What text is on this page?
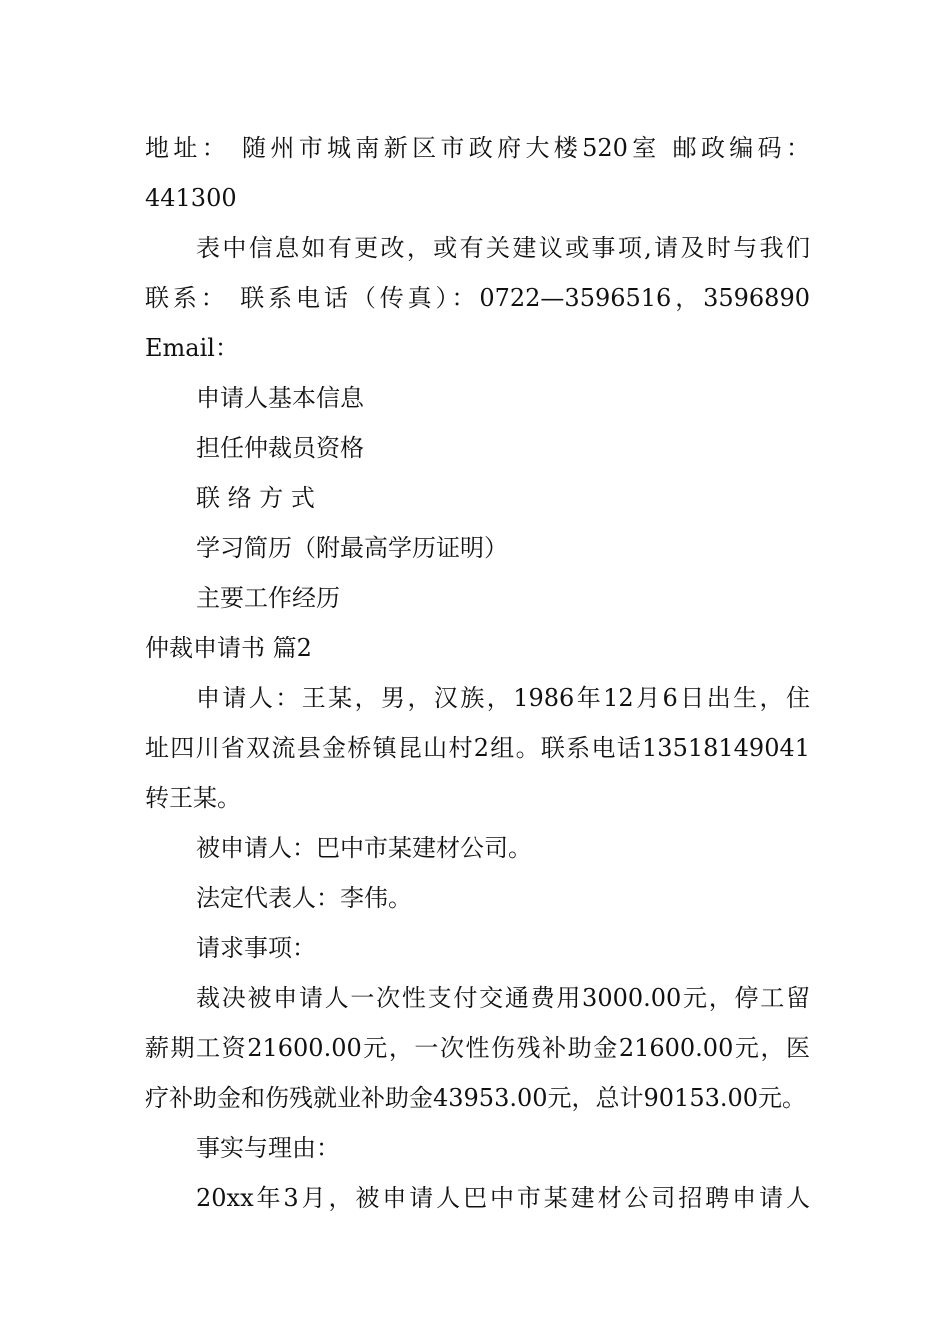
地址： 随州市城南新区市政府大楼520室 邮政编码：
441300
表中信息如有更改，或有关建议或事项,请及时与我们
联系： 联系电话（传真）：0722—3596516，3596890
Email：
申请人基本信息
担任仲裁员资格
联 络 方 式
学习简历（附最高学历证明）
主要工作经历
仲裁申请书 篇2
申请人：王某，男，汉族，1986年12月6日出生，住
址四川省双流县金桥镇昆山村2组。联系电话13518149041
转王某。
被申请人：巴中市某建材公司。
法定代表人：李伟。
请求事项：
裁决被申请人一次性支付交通费用3000.00元，停工留
薪期工资21600.00元，一次性伤残补助金21600.00元，医
疗补助金和伤残就业补助金43953.00元，总计90153.00元。
事实与理由：
20xx年3月，被申请人巴中市某建材公司招聘申请人
